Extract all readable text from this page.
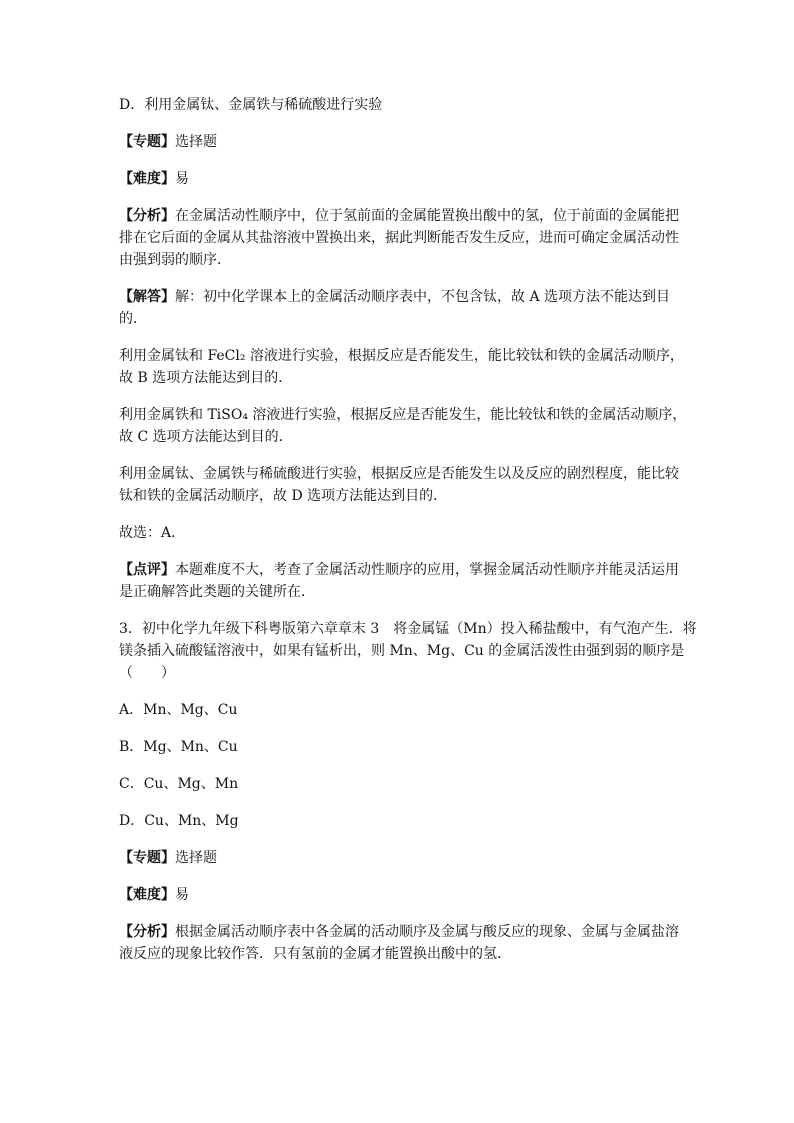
D．利用金属钛、金属铁与稀硫酸进行实验
【专题】选择题
【难度】易
【分析】在金属活动性顺序中，位于氢前面的金属能置换出酸中的氢，位于前面的金属能把
排在它后面的金属从其盐溶液中置换出来，据此判断能否发生反应，进而可确定金属活动性
由强到弱的顺序．
【解答】解：初中化学课本上的金属活动顺序表中，不包含钛，故 A 选项方法不能达到目
的．
利用金属钛和 FeCl₂ 溶液进行实验，根据反应是否能发生，能比较钛和铁的金属活动顺序，
故 B 选项方法能达到目的．
利用金属铁和 TiSO₄ 溶液进行实验，根据反应是否能发生，能比较钛和铁的金属活动顺序，
故 C 选项方法能达到目的．
利用金属钛、金属铁与稀硫酸进行实验，根据反应是否能发生以及反应的剧烈程度，能比较
钛和铁的金属活动顺序，故 D 选项方法能达到目的．
故选：A．
【点评】本题难度不大，考查了金属活动性顺序的应用，掌握金属活动性顺序并能灵活运用
是正确解答此类题的关键所在．
3．初中化学九年级下科粤版第六章章末 3　将金属锰（Mn）投入稀盐酸中，有气泡产生．将
镁条插入硫酸锰溶液中，如果有锰析出，则 Mn、Mg、Cu 的金属活泼性由强到弱的顺序是
（　　）
A．Mn、Mg、Cu
B．Mg、Mn、Cu
C．Cu、Mg、Mn
D．Cu、Mn、Mg
【专题】选择题
【难度】易
【分析】根据金属活动顺序表中各金属的活动顺序及金属与酸反应的现象、金属与金属盐溶
液反应的现象比较作答．只有氢前的金属才能置换出酸中的氢．
